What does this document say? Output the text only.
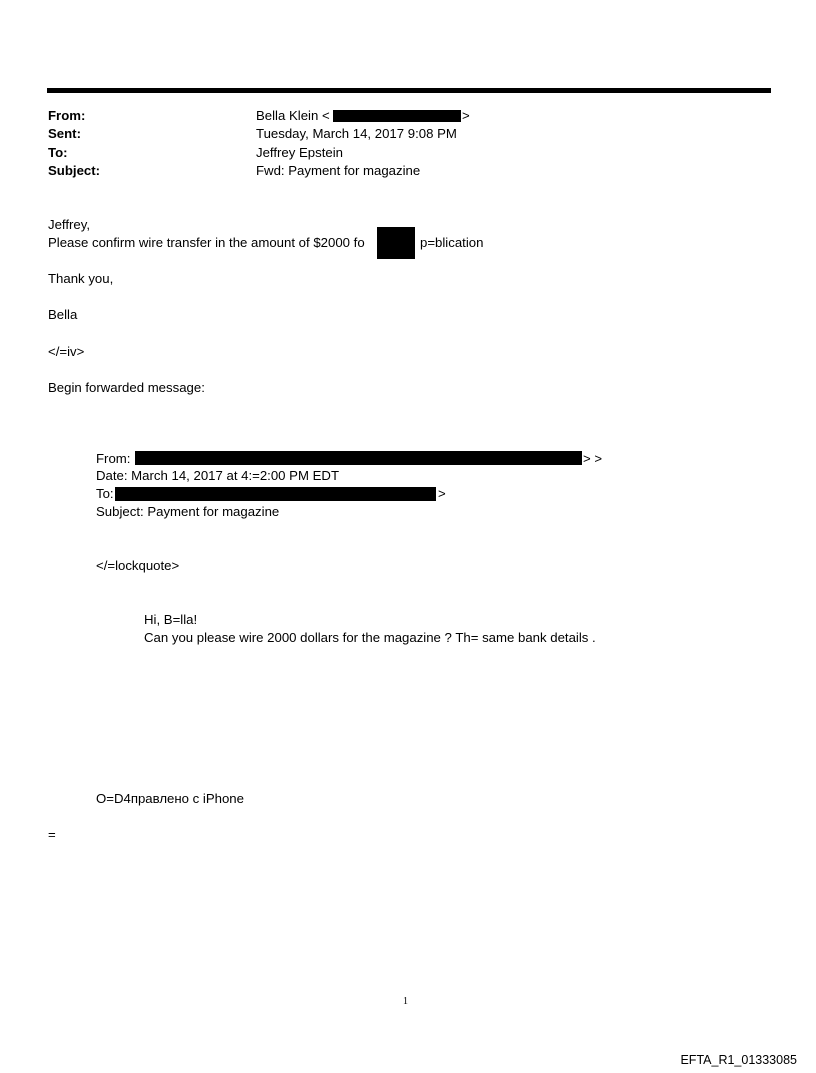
From:	Bella Klein <	>
Sent:	Tuesday, March 14, 2017 9:08 PM
To:	Jeffrey Epstein
Subject:	Fwd: Payment for magazine
Jeffrey,
Please confirm wire transfer in the amount of $2000 fo	p=blication
Thank you,
Bella
</=iv>
Begin forwarded message:
From:	> >
Date: March 14, 2017 at 4:=2:00 PM EDT
To:	>
Subject: Payment for magazine
</=lockquote>
Hi, B=lla!
Can you please wire 2000 dollars for the magazine ? Th= same bank details .
O=D4правлено с iPhone
=
1
EFTA_R1_01333085
